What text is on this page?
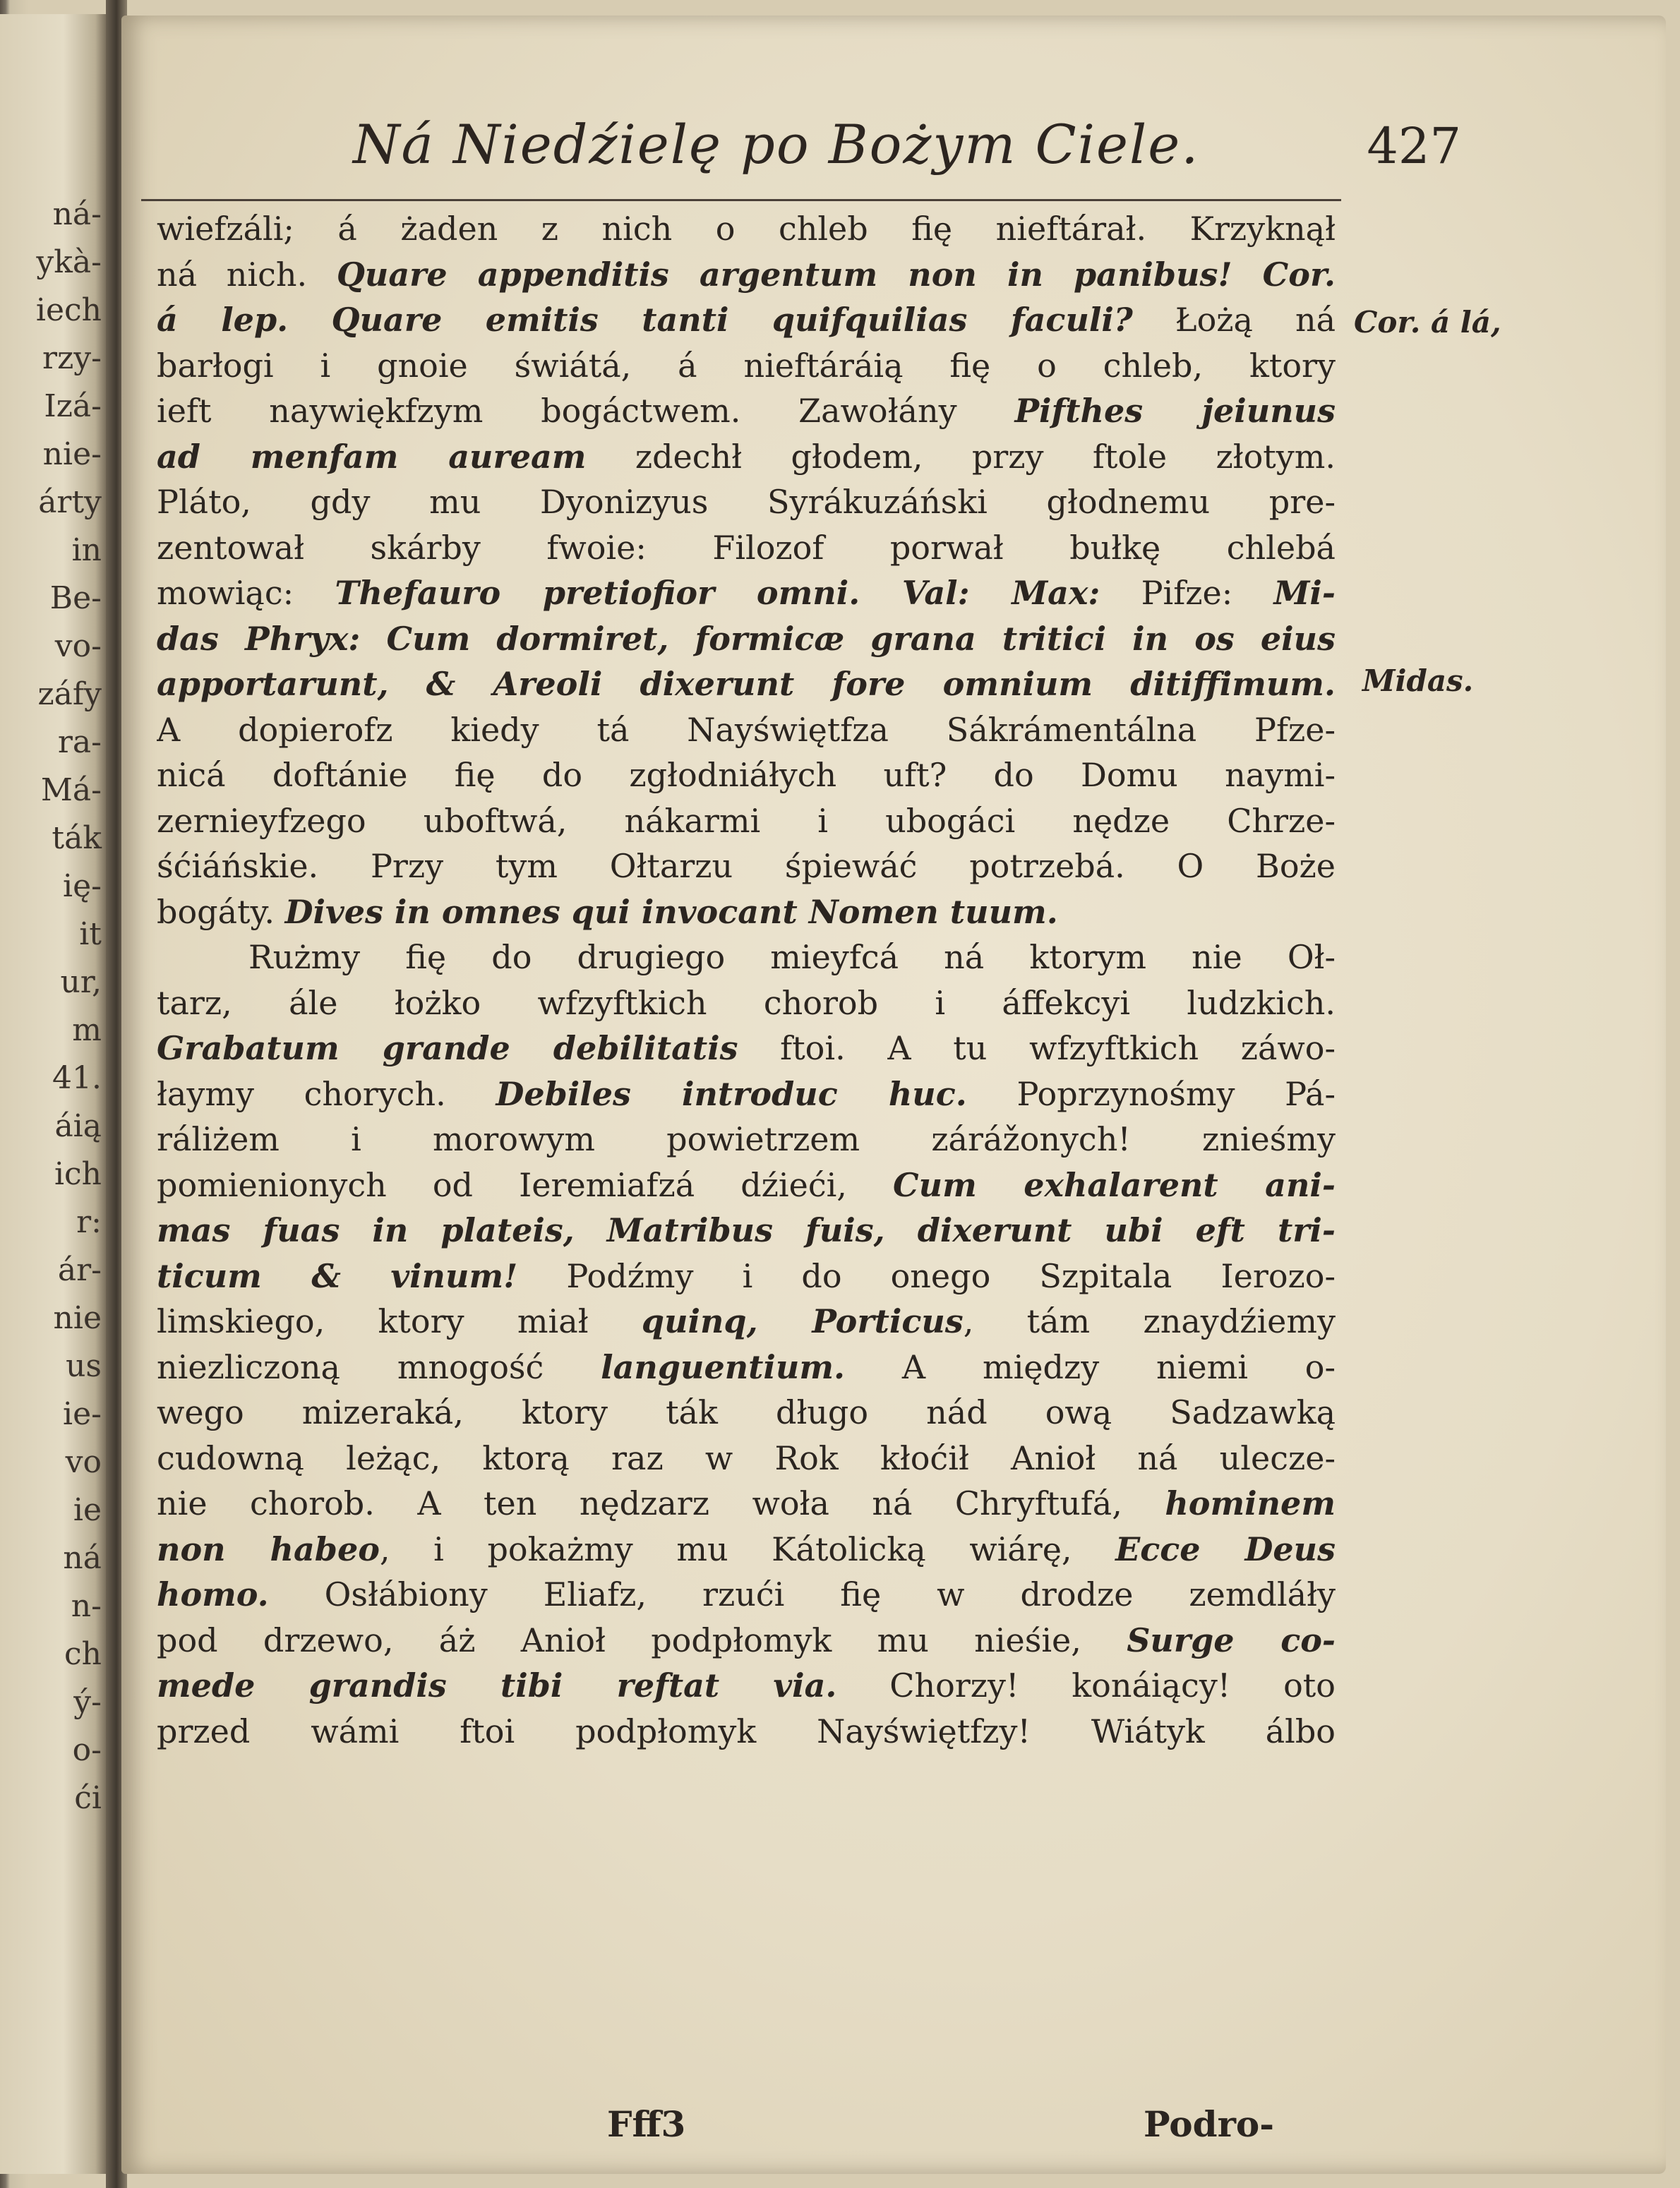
ná-
ykà-
iech
rzy-
Izá-
nie-
árty
in
Be-
vo-
záfy
ra-
Má-
ták
ię-
it
ur,
m
41.
áią
ich
r:
ár-
nie
us
ie-
vo
ie
ná
n-
ch
ý-
o-
ći
Ná Niedźielę po Bożym Ciele.	427
wiefzáli; á żaden z nich o chleb fię nieftárał. Krzyknął
ná nich. Quare appenditis argentum non in panibus! Cor.
á lep. Quare emitis tanti quifquilias faculi? Łożą ná
barłogi i gnoie świátá, á nieftáráią fię o chleb, ktory
ieft naywiękfzym bogáctwem. Zawołány Pifthes jeiunus
ad menfam auream zdechł głodem, przy ftole złotym.
Pláto, gdy mu Dyonizyus Syrákuzáński głodnemu pre-
zentował skárby fwoie: Filozof porwał bułkę chlebá
mowiąc: Thefauro pretiofior omni. Val: Max: Pifze: Mi-
das Phryx: Cum dormiret, formicæ grana tritici in os eius
apportarunt, & Areoli dixerunt fore omnium ditiffimum.
A dopierofz kiedy tá Nayświętfza Sákrámentálna Pfze-
nicá doftánie fię do zgłodniáłych uft? do Domu naymi-
zernieyfzego uboftwá, nákarmi i ubogáci nędze Chrze-
śćiáńskie. Przy tym Ołtarzu śpiewáć potrzebá. O Boże
bogáty. Dives in omnes qui invocant Nomen tuum.
Rużmy fię do drugiego mieyfcá ná ktorym nie Oł-
tarz, ále łożko wfzyftkich chorob i áffekcyi ludzkich.
Grabatum grande debilitatis ftoi. A tu wfzyftkich záwo-
łaymy chorych. Debiles introduc huc. Poprzynośmy Pá-
ráliżem i morowym powietrzem zárážonych! znieśmy
pomienionych od Ieremiafzá dźieći, Cum exhalarent ani-
mas fuas in plateis, Matribus fuis, dixerunt ubi eft tri-
ticum & vinum! Podźmy i do onego Szpitala Ierozo-
limskiego, ktory miał quinq, Porticus, tám znaydźiemy
niezliczoną mnogość languentium. A między niemi o-
wego mizeraká, ktory ták długo nád ową Sadzawką
cudowną leżąc, ktorą raz w Rok kłoćił Anioł ná ulecze-
nie chorob. A ten nędzarz woła ná Chryftufá, hominem
non habeo, i pokażmy mu Kátolicką wiárę, Ecce Deus
homo. Osłábiony Eliafz, rzući fię w drodze zemdláły
pod drzewo, áż Anioł podpłomyk mu nieśie, Surge co-
mede grandis tibi reftat via. Chorzy! konáiący! oto
przed wámi ftoi podpłomyk Nayświętfzy! Wiátyk álbo
Cor. á lá,
Midas.
Fff3	Podro-
